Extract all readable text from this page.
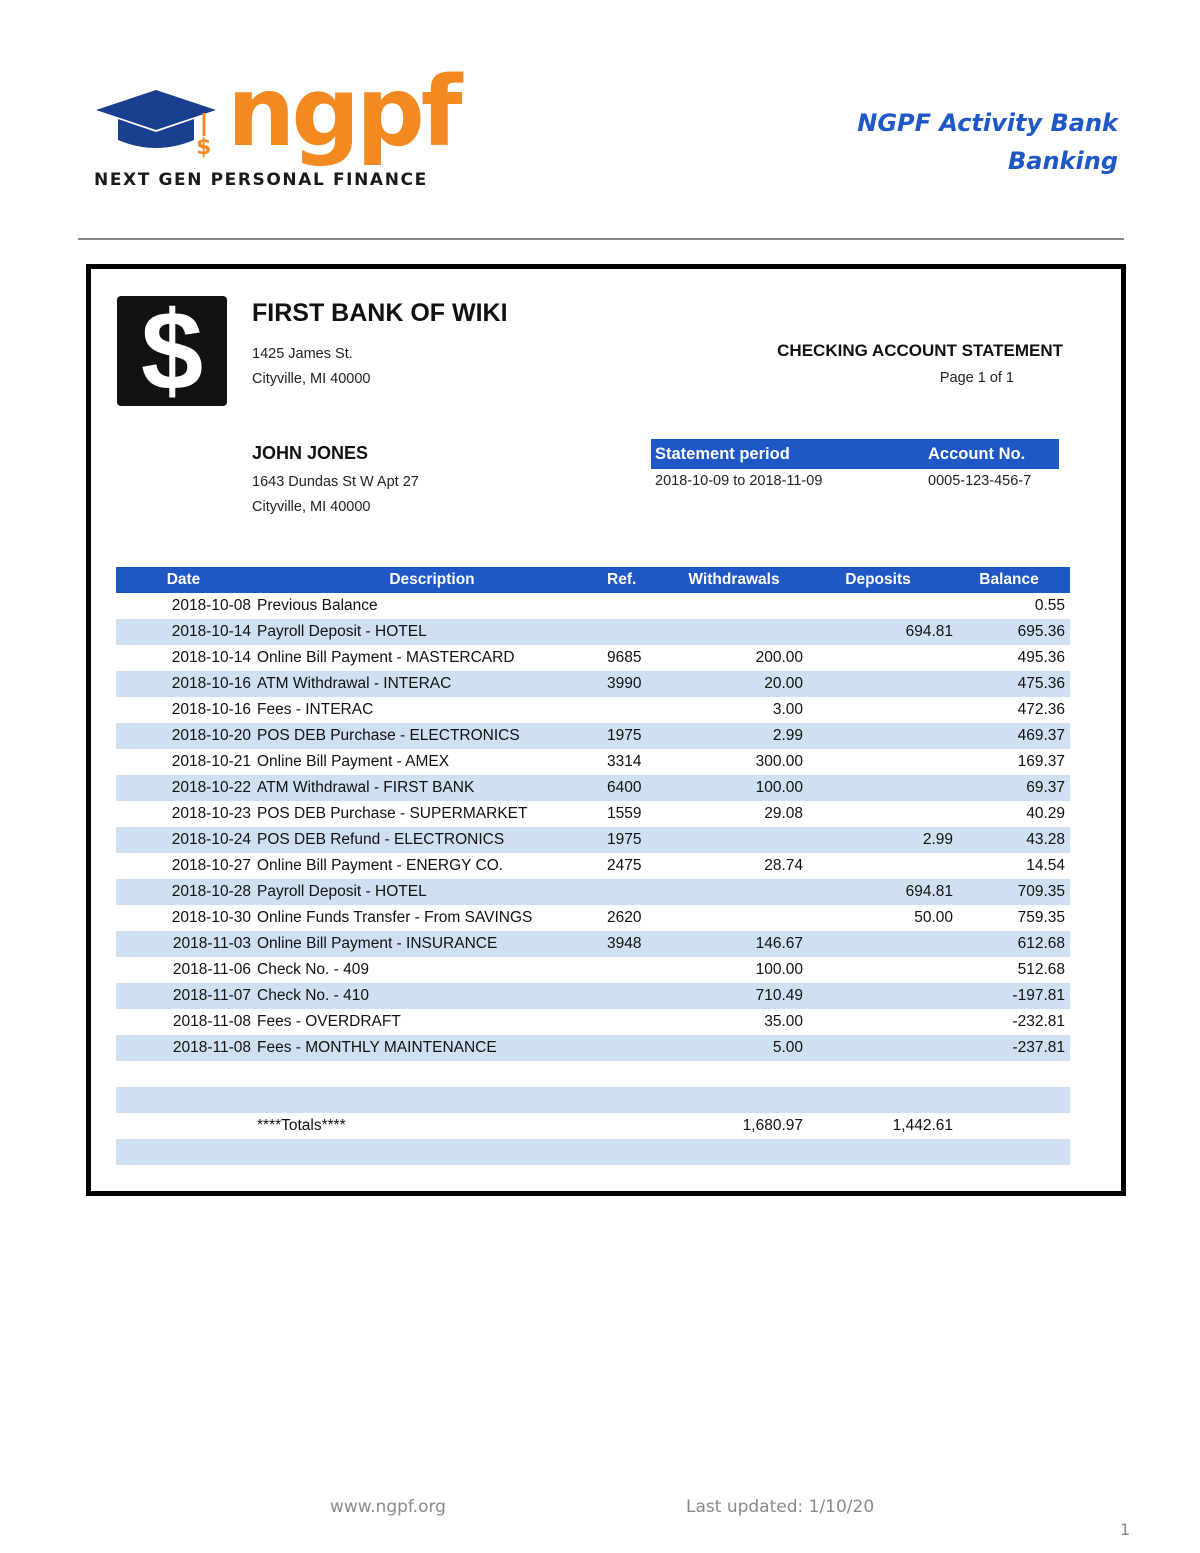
$ ngpf
NEXT GEN PERSONAL FINANCE
NGPF Activity Bank
Banking
$	FIRST BANK OF WIKI
1425 James St.
Cityville, MI 40000
CHECKING ACCOUNT STATEMENT
Page 1 of 1
JOHN JONES
1643 Dundas St W Apt 27
Cityville, MI 40000
Statement period	Account No.
2018-10-09 to 2018-11-09	0005-123-456-7
Date	Description	Ref.	Withdrawals	Deposits	Balance
2018-10-08	Previous Balance				0.55
2018-10-14	Payroll Deposit - HOTEL			694.81	695.36
2018-10-14	Online Bill Payment - MASTERCARD	9685	200.00		495.36
2018-10-16	ATM Withdrawal - INTERAC	3990	20.00		475.36
2018-10-16	Fees - INTERAC		3.00		472.36
2018-10-20	POS DEB Purchase - ELECTRONICS	1975	2.99		469.37
2018-10-21	Online Bill Payment - AMEX	3314	300.00		169.37
2018-10-22	ATM Withdrawal - FIRST BANK	6400	100.00		69.37
2018-10-23	POS DEB Purchase - SUPERMARKET	1559	29.08		40.29
2018-10-24	POS DEB Refund - ELECTRONICS	1975		2.99	43.28
2018-10-27	Online Bill Payment - ENERGY CO.	2475	28.74		14.54
2018-10-28	Payroll Deposit - HOTEL			694.81	709.35
2018-10-30	Online Funds Transfer - From SAVINGS	2620		50.00	759.35
2018-11-03	Online Bill Payment - INSURANCE	3948	146.67		612.68
2018-11-06	Check No. - 409		100.00		512.68
2018-11-07	Check No. - 410		710.49		-197.81
2018-11-08	Fees - OVERDRAFT		35.00		-232.81
2018-11-08	Fees - MONTHLY MAINTENANCE		5.00		-237.81

	****Totals****		1,680.97	1,442.61	

www.ngpf.org	Last updated: 1/10/20
1
